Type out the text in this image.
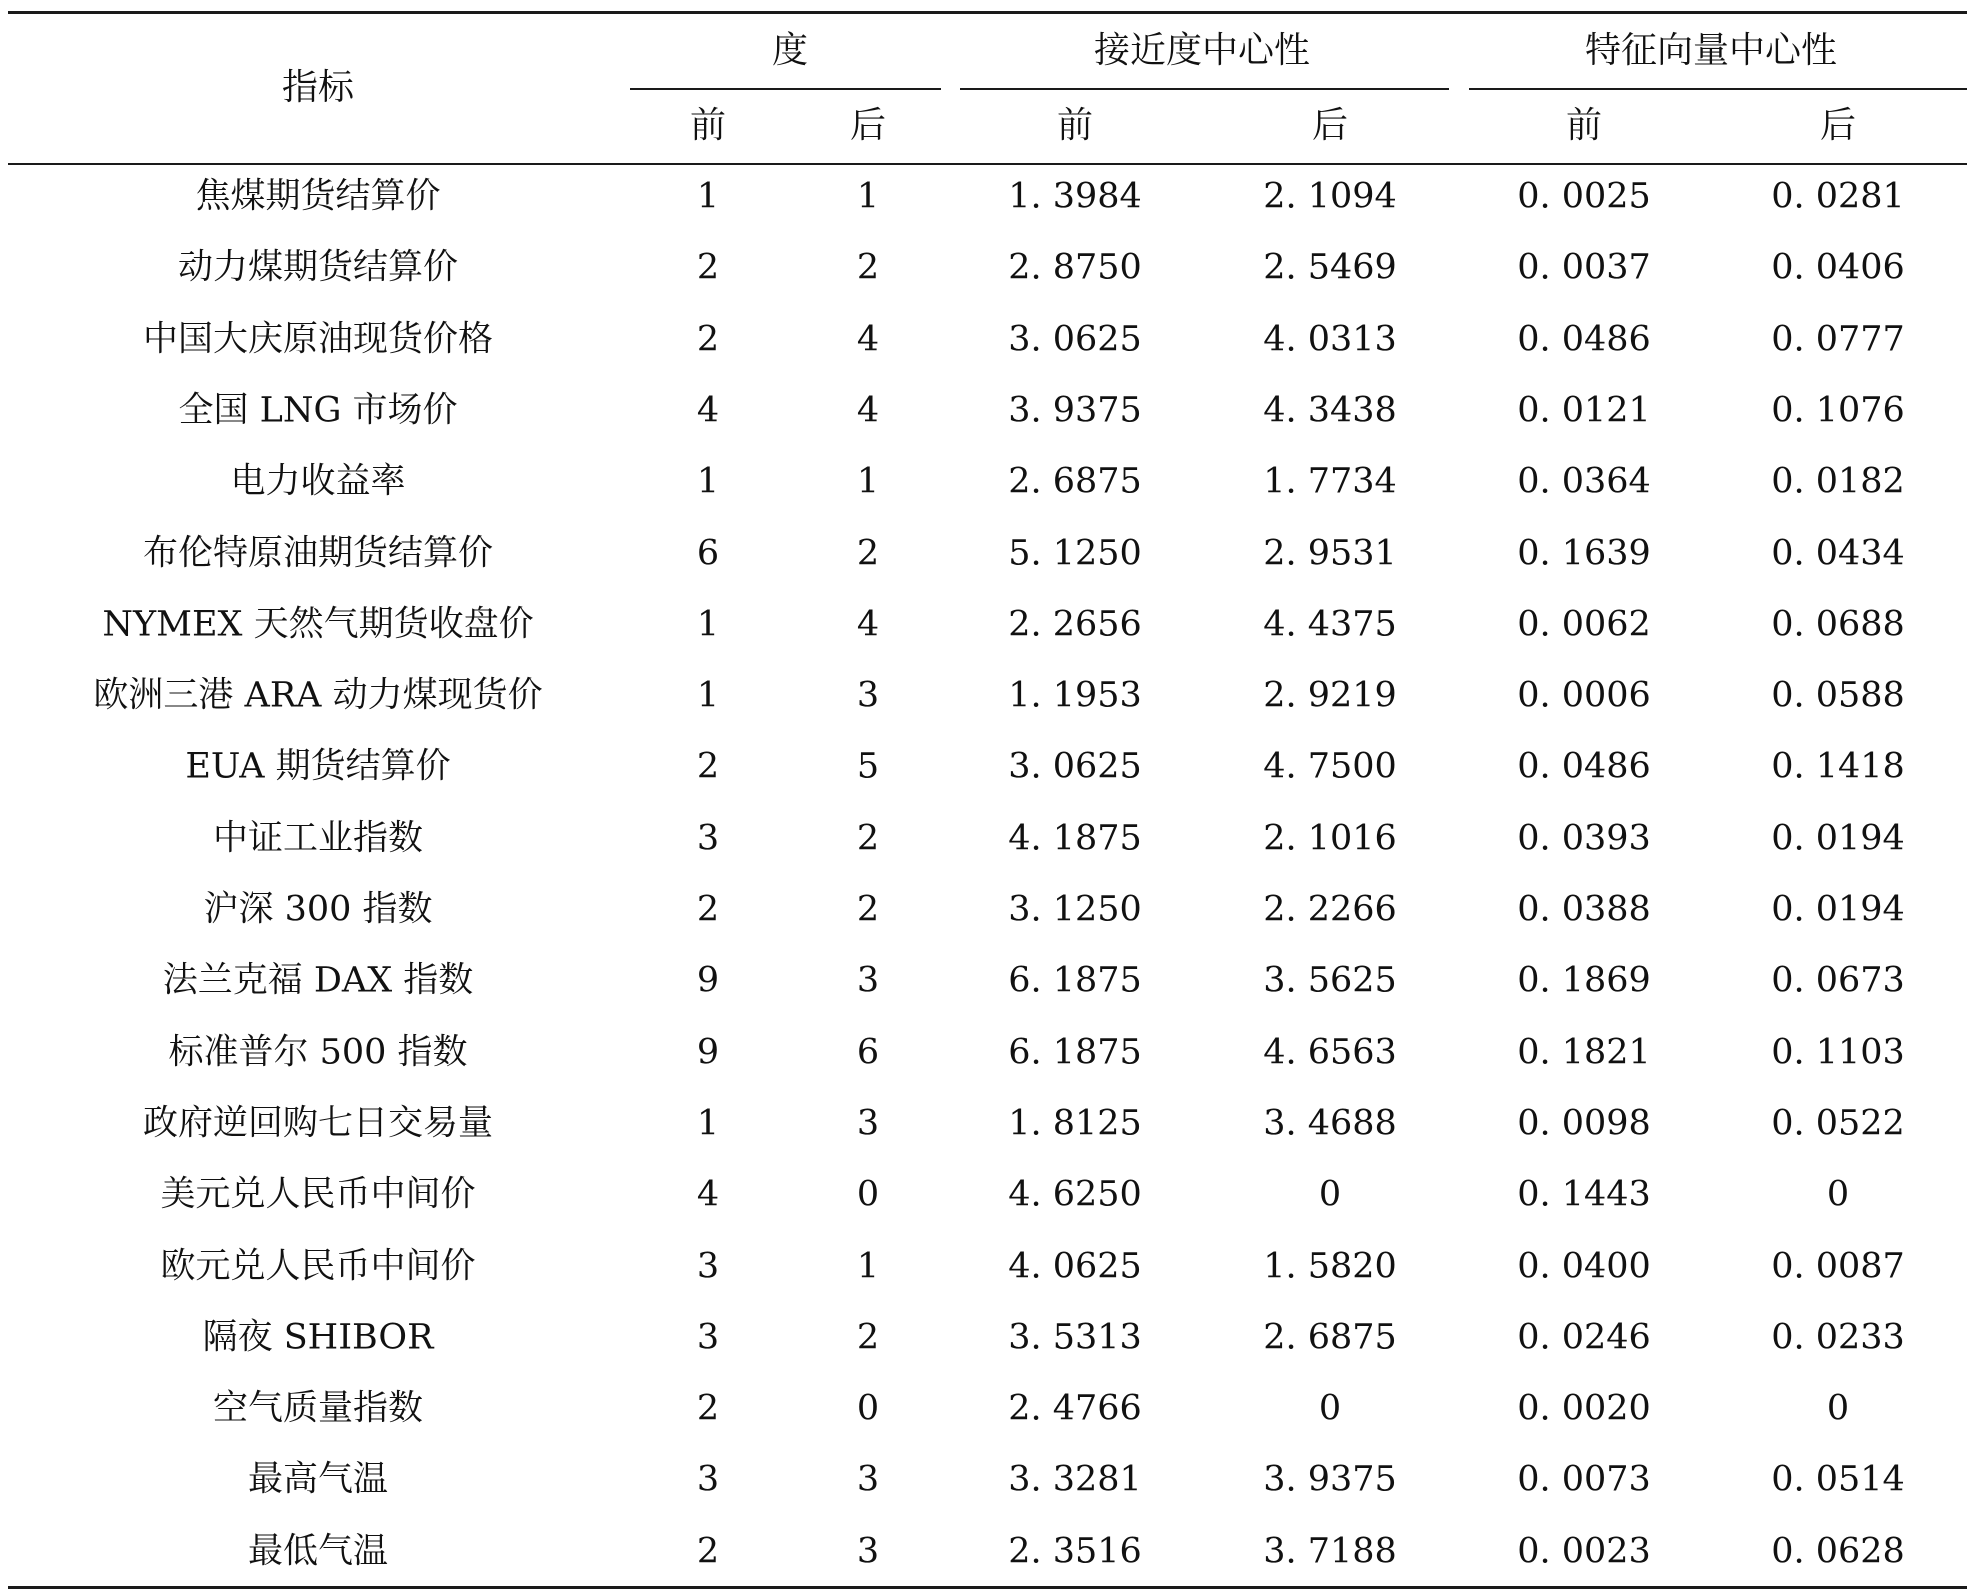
指标
度
前	后
接近度中心性
前	后
特征向量中心性
前	后
焦煤期货结算价	1	1	1. 3984	2. 1094	0. 0025	0. 0281
动力煤期货结算价	2	2	2. 8750	2. 5469	0. 0037	0. 0406
中国大庆原油现货价格	2	4	3. 0625	4. 0313	0. 0486	0. 0777
全国 LNG 市场价	4	4	3. 9375	4. 3438	0. 0121	0. 1076
电力收益率	1	1	2. 6875	1. 7734	0. 0364	0. 0182
布伦特原油期货结算价	6	2	5. 1250	2. 9531	0. 1639	0. 0434
NYMEX 天然气期货收盘价	1	4	2. 2656	4. 4375	0. 0062	0. 0688
欧洲三港 ARA 动力煤现货价	1	3	1. 1953	2. 9219	0. 0006	0. 0588
EUA 期货结算价	2	5	3. 0625	4. 7500	0. 0486	0. 1418
中证工业指数	3	2	4. 1875	2. 1016	0. 0393	0. 0194
沪深 300 指数	2	2	3. 1250	2. 2266	0. 0388	0. 0194
法兰克福 DAX 指数	9	3	6. 1875	3. 5625	0. 1869	0. 0673
标准普尔 500 指数	9	6	6. 1875	4. 6563	0. 1821	0. 1103
政府逆回购七日交易量	1	3	1. 8125	3. 4688	0. 0098	0. 0522
美元兑人民币中间价	4	0	4. 6250	0	0. 1443	0
欧元兑人民币中间价	3	1	4. 0625	1. 5820	0. 0400	0. 0087
隔夜 SHIBOR	3	2	3. 5313	2. 6875	0. 0246	0. 0233
空气质量指数	2	0	2. 4766	0	0. 0020	0
最高气温	3	3	3. 3281	3. 9375	0. 0073	0. 0514
最低气温	2	3	2. 3516	3. 7188	0. 0023	0. 0628
